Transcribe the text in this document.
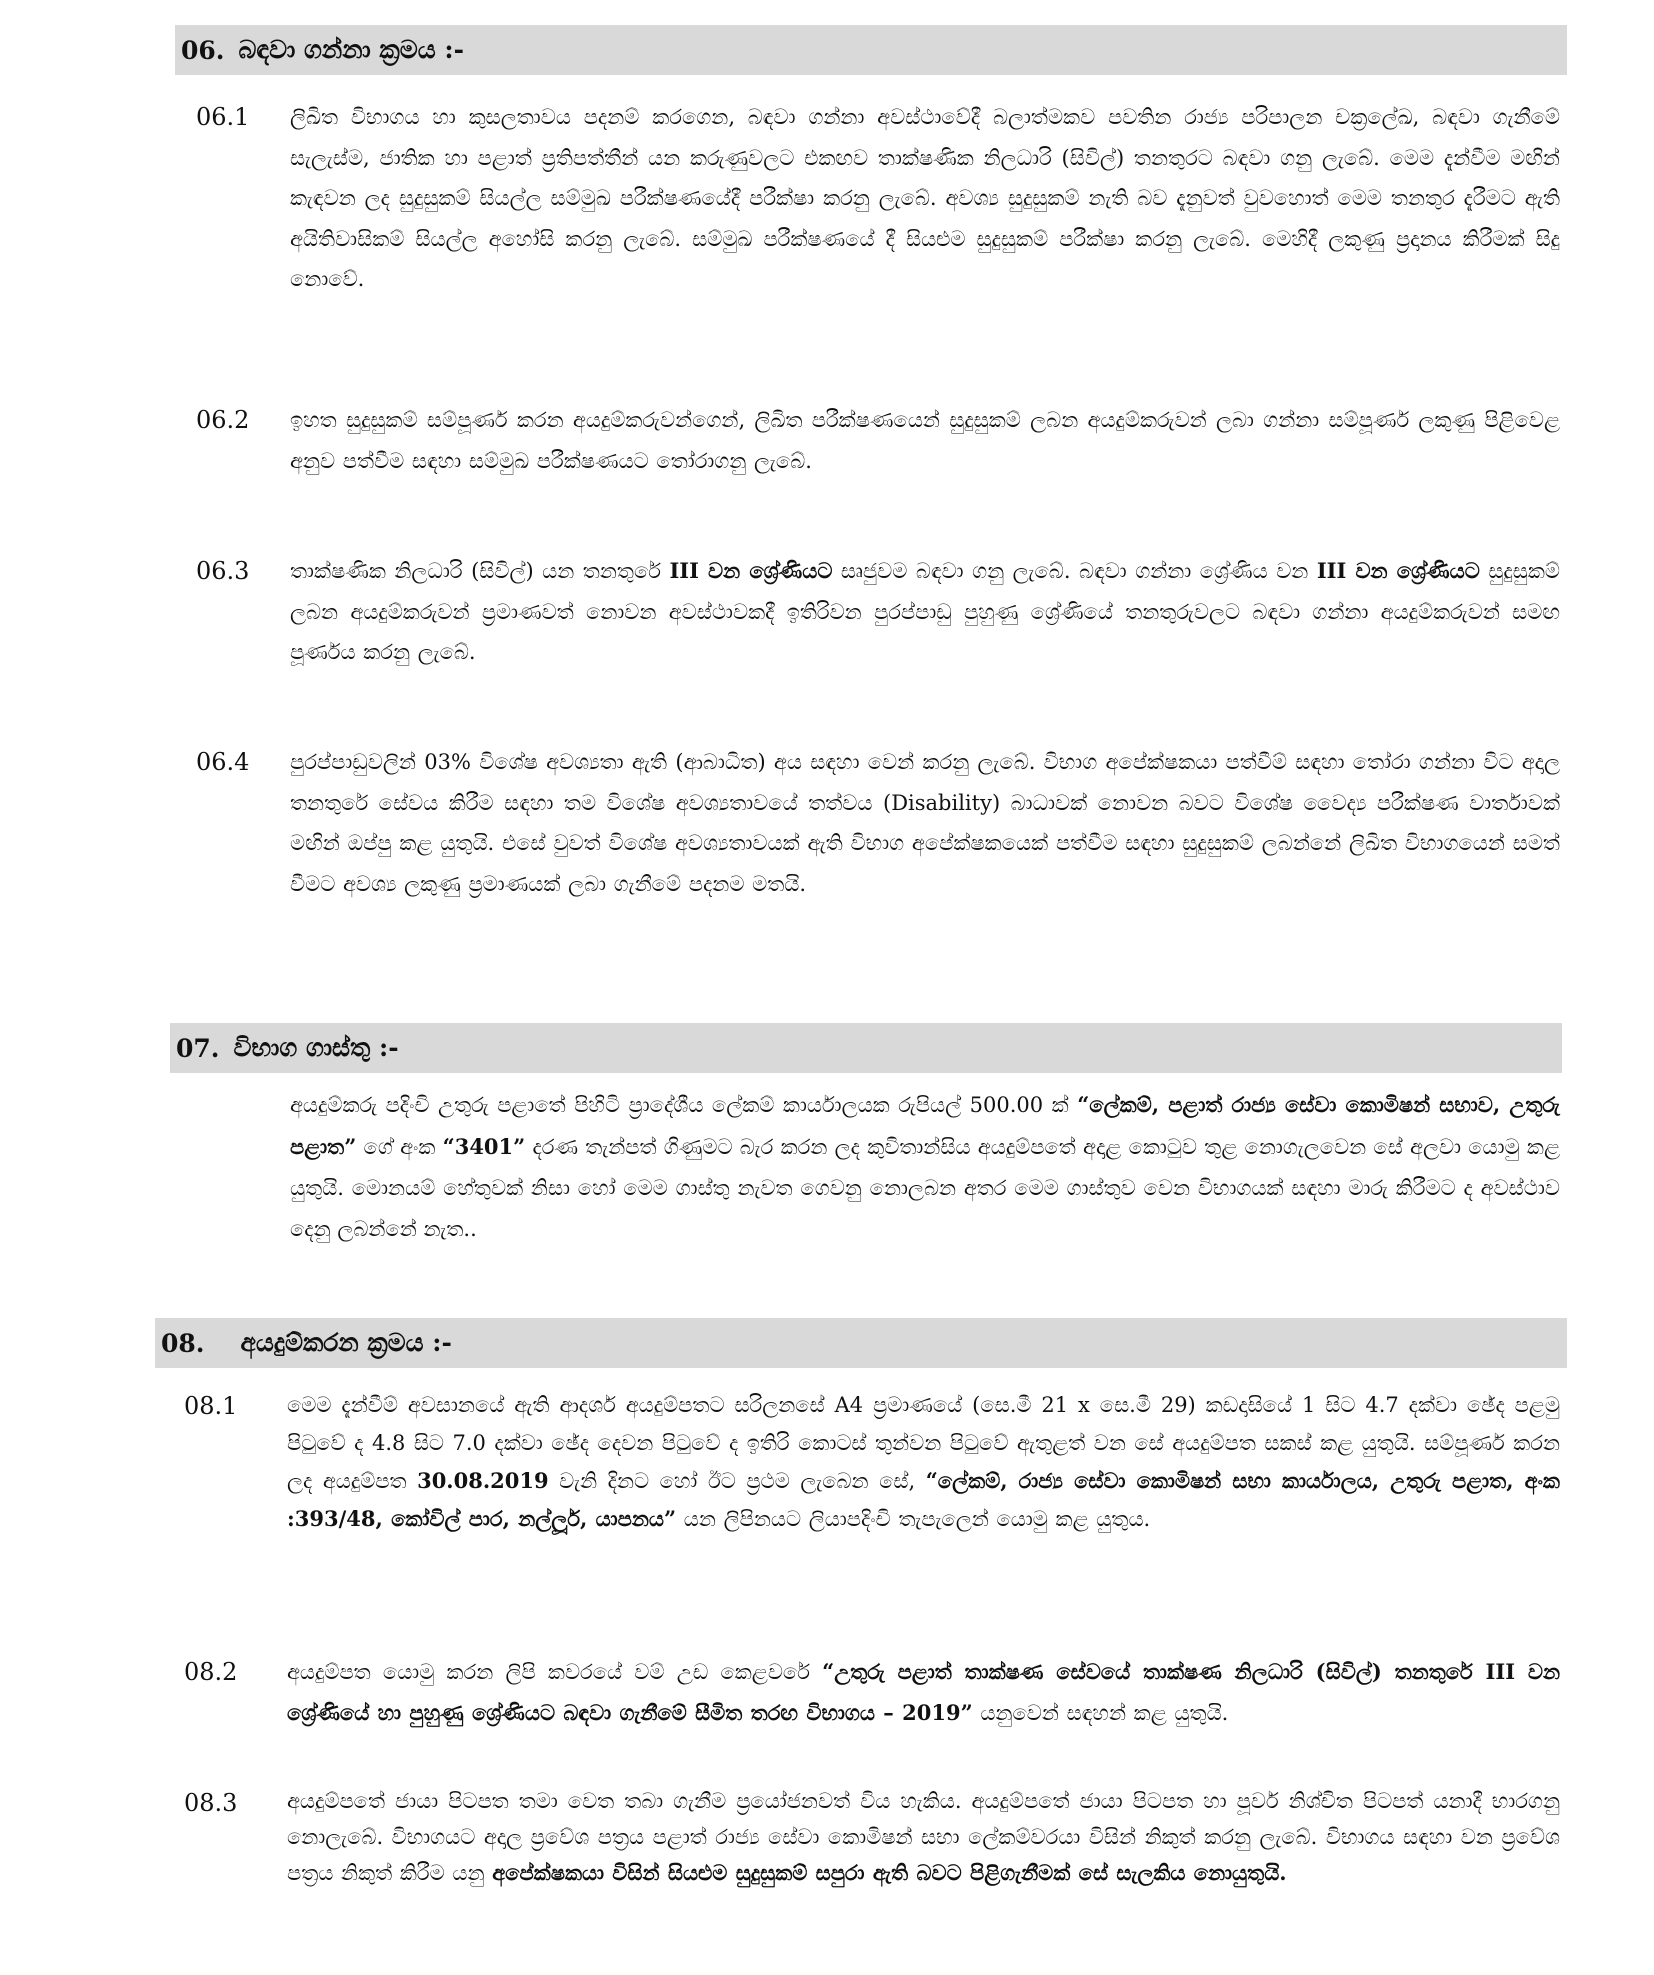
06. බඳවා ගන්නා ක්‍රමය :-
06.1 ලිඛිත විභාගය හා කුසලතාවය පදනම් කරගෙන, බඳවා ගන්නා අවස්ථාවේදී බලාත්මකව පවතින රාජ්‍ය පරිපාලන චක්‍රලේඛ, බඳවා ගැනීමේ සැලැස්ම, ජාතික හා පළාත් ප්‍රතිපත්තීන් යන කරුණුවලට එකඟව තාක්ෂණික නිලධාරි (සිවිල්) තනතුරට බඳවා ගනු ලැබේ. මෙම දැන්වීම මඟින් කැඳවන ලද සුදුසුකම් සියල්ල සම්මුඛ පරීක්ෂණයේදී පරීක්ෂා කරනු ලැබේ. අවශ්‍ය සුදුසුකම් නැති බව දැනුවත් වුවහොත් මෙම තනතුර දැරීමට ඇති අයිතිවාසිකම් සියල්ල අහෝසි කරනු ලැබේ. සම්මුඛ පරීක්ෂණයේ දී සියළුම සුදුසුකම් පරීක්ෂා කරනු ලැබේ. මෙහිදී ලකුණු ප්‍රදානය කිරීමක් සිදු නොවේ.
06.2 ඉහත සුදුසුකම් සම්පූර්ණ කරන අයදුම්කරුවන්ගෙන්, ලිඛිත පරීක්ෂණයෙන් සුදුසුකම් ලබන අයදුම්කරුවන් ලබා ගන්නා සම්පූර්ණ ලකුණු පිළිවෙළ අනුව පත්වීම සඳහා සම්මුඛ පරීක්ෂණයට තෝරාගනු ලැබේ.
06.3 තාක්ෂණික නිලධාරි (සිවිල්) යන තනතුරේ III වන ශ්‍රේණියට සෘජුවම බඳවා ගනු ලැබේ. බඳවා ගන්නා ශ්‍රේණිය වන III වන ශ්‍රේණියට සුදුසුකම් ලබන අයදුම්කරුවන් ප්‍රමාණවත් නොවන අවස්ථාවකදී ඉතිරිවන පුරප්පාඩු පුහුණු ශ්‍රේණියේ තනතුරුවලට බඳවා ගන්නා අයදුම්කරුවන් සමඟ පූර්ණය කරනු ලැබේ.
06.4 පුරප්පාඩුවලින් 03% විශේෂ අවශ්‍යතා ඇති (ආබාධිත) අය සඳහා වෙන් කරනු ලැබේ. විභාග අපේක්ෂකයා පත්වීම් සඳහා තෝරා ගන්නා විට අදාල තනතුරේ සේවය කිරීම සඳහා තම විශේෂ අවශ්‍යතාවයේ තත්වය (Disability) බාධාවක් නොවන බවට විශේෂ වෛද්‍ය පරීක්ෂණ වාර්තාවක් මඟින් ඔප්පු කළ යුතුයි. එසේ වුවත් විශේෂ අවශ්‍යතාවයක් ඇති විභාග අපේක්ෂකයෙක් පත්වීම සඳහා සුදුසුකම් ලබන්නේ ලිඛිත විභාගයෙන් සමත් වීමට අවශ්‍ය ලකුණු ප්‍රමාණයක් ලබා ගැනීමේ පදනම මතයි.
07. විභාග ගාස්තු :-
අයදුම්කරු පදිංචි උතුරු පළාතේ පිහිටි ප්‍රාදේශීය ලේකම් කාර්යාලයක රුපියල් 500.00 ක් “ලේකම්, පළාත් රාජ්‍ය සේවා කොමිෂන් සභාව, උතුරු පළාත” ගේ අංක “3401” දරණ තැන්පත් ගිණුමට බැර කරන ලද කුවිතාන්සිය අයදුම්පතේ අදාළ කොටුව තුළ නොගැලවෙන සේ අලවා යොමු කළ යුතුයි. මොනයම් හේතුවක් නිසා හෝ මෙම ගාස්තු නැවත ගෙවනු නොලබන අතර මෙම ගාස්තුව වෙන විභාගයක් සඳහා මාරු කිරීමට ද අවස්ථාව දෙනු ලබන්නේ නැත..
08. අයදුම්කරන ක්‍රමය :-
08.1 මෙම දැන්වීම් අවසානයේ ඇති ආදර්ශ අයදුම්පතට සරිලනසේ A4 ප්‍රමාණයේ (සෙ.මී 21 x සෙ.මී 29) කඩදාසියේ 1 සිට 4.7 දක්වා ඡේද පළමු පිටුවේ ද 4.8 සිට 7.0 දක්වා ඡේද දෙවන පිටුවේ ද ඉතිරි කොටස් තුන්වන පිටුවේ ඇතුළත් වන සේ අයදුම්පත සකස් කළ යුතුයි. සම්පූර්ණ කරන ලද අයදුම්පත 30.08.2019 වැනි දිනට හෝ ඊට ප්‍රථම ලැබෙන සේ, “ලේකම්, රාජ්‍ය සේවා කොමිෂන් සභා කාර්යාලය, උතුරු පළාත, අංක :393/48, කෝවිල් පාර, නල්ලූර්, යාපනය” යන ලිපිනයට ලියාපදිංචි තැපැලෙන් යොමු කළ යුතුය.
08.2 අයදුම්පත යොමු කරන ලිපි කවරයේ වම් උඩ කෙළවරේ “උතුරු පළාත් තාක්ෂණ සේවයේ තාක්ෂණ නිලධාරි (සිවිල්) තනතුරේ III වන ශ්‍රේණියේ හා පුහුණු ශ්‍රේණියට බඳවා ගැනීමේ සීමිත තරඟ විභාගය – 2019” යනුවෙන් සඳහන් කළ යුතුයි.
08.3 අයදුම්පතේ ජායා පිටපත තමා වෙත තබා ගැනීම ප්‍රයෝජනවත් විය හැකිය. අයදුම්පතේ ජායා පිටපත හා පූර්ව නිශ්චිත පිටපත් යනාදී භාරගනු නොලැබේ. විභාගයට අදාල ප්‍රවේශ පත්‍රය පළාත් රාජ්‍ය සේවා කොමිෂන් සභා ලේකම්වරයා විසින් නිකුත් කරනු ලැබේ. විභාගය සඳහා වන ප්‍රවේශ පත්‍රය නිකුත් කිරීම යනු අපේක්ෂකයා විසින් සියළුම සුදුසුකම් සපුරා ඇති බවට පිළිගැනීමක් සේ සැලකිය නොයුතුයි.
